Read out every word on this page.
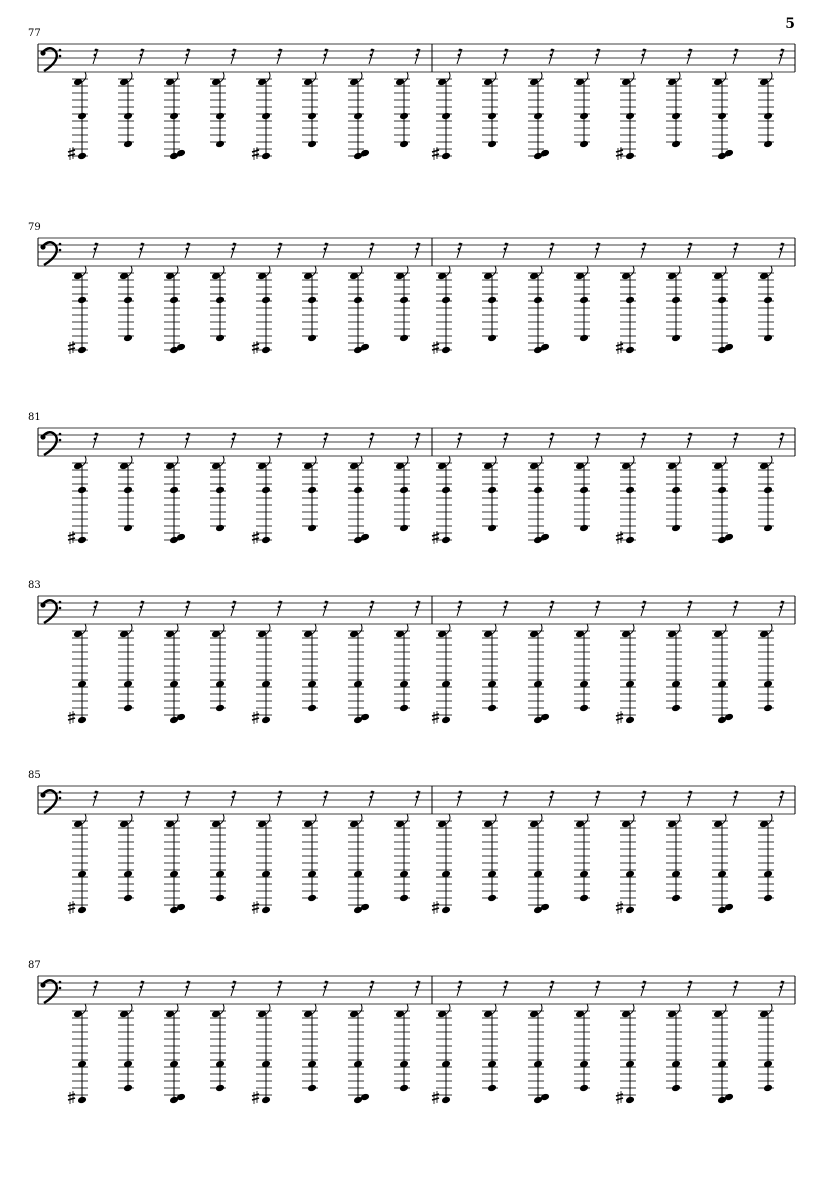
5
77
79
81
83
85
87
